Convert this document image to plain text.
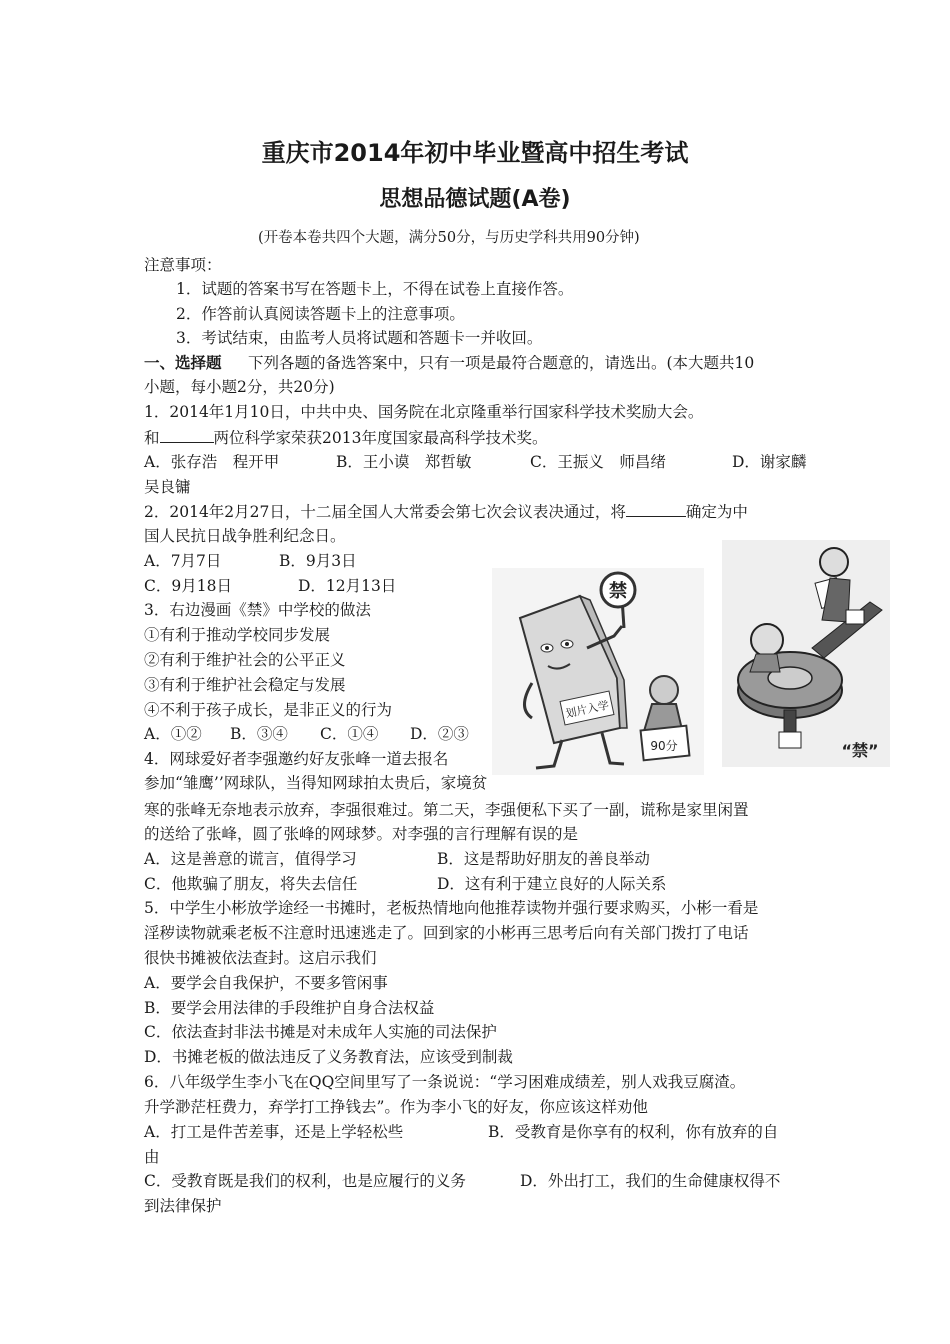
重庆市2014年初中毕业暨高中招生考试
思想品德试题(A卷)
(开卷本卷共四个大题，满分50分，与历史学科共用90分钟)
注意事项：
1．试题的答案书写在答题卡上，不得在试卷上直接作答。
2．作答前认真阅读答题卡上的注意事项。
3．考试结束，由监考人员将试题和答题卡一并收回。
一、选择题 下列各题的备选答案中，只有一项是最符合题意的，请选出。(本大题共10
小题，每小题2分，共20分)
1．2014年1月10日，中共中央、国务院在北京隆重举行国家科学技术奖励大会。
和	两位科学家荣获2013年度国家最高科学技术奖。
A．张存浩　程开甲	B．王小谟　郑哲敏	C．王振义　师昌绪	D．谢家麟
吴良镛
2．2014年2月27日，十二届全国人大常委会第七次会议表决通过，将	确定为中
国人民抗日战争胜利纪念日。
A．7月7日	B．9月3日
C．9月18日	D．12月13日
3．右边漫画《禁》中学校的做法
①有利于推动学校同步发展
②有利于维护社会的公平正义
③有利于维护社会稳定与发展
④不利于孩子成长，是非正义的行为
A．①② B．③④ C．①④ D．②③
4．网球爱好者李强邀约好友张峰一道去报名
参加“雏鹰’’网球队，当得知网球拍太贵后，家境贫
寒的张峰无奈地表示放弃，李强很难过。第二天，李强便私下买了一副，谎称是家里闲置
的送给了张峰，圆了张峰的网球梦。对李强的言行理解有误的是
A．这是善意的谎言，值得学习	B．这是帮助好朋友的善良举动
C．他欺骗了朋友，将失去信任	D．这有利于建立良好的人际关系
5．中学生小彬放学途经一书摊时，老板热情地向他推荐读物并强行要求购买，小彬一看是
淫秽读物就乘老板不注意时迅速逃走了。回到家的小彬再三思考后向有关部门拨打了电话
很快书摊被依法查封。这启示我们
A．要学会自我保护，不要多管闲事
B．要学会用法律的手段维护自身合法权益
C．依法查封非法书摊是对未成年人实施的司法保护
D．书摊老板的做法违反了义务教育法，应该受到制裁
6．八年级学生李小飞在QQ空间里写了一条说说：“学习困难成绩差，别人戏我豆腐渣。
升学渺茫枉费力，弃学打工挣钱去”。作为李小飞的好友，你应该这样劝他
A．打工是件苦差事，还是上学轻松些	B．受教育是你享有的权利，你有放弃的自
由
C．受教育既是我们的权利，也是应履行的义务	D．外出打工，我们的生命健康权得不
到法律保护
禁
划片入学
90分	“禁”
